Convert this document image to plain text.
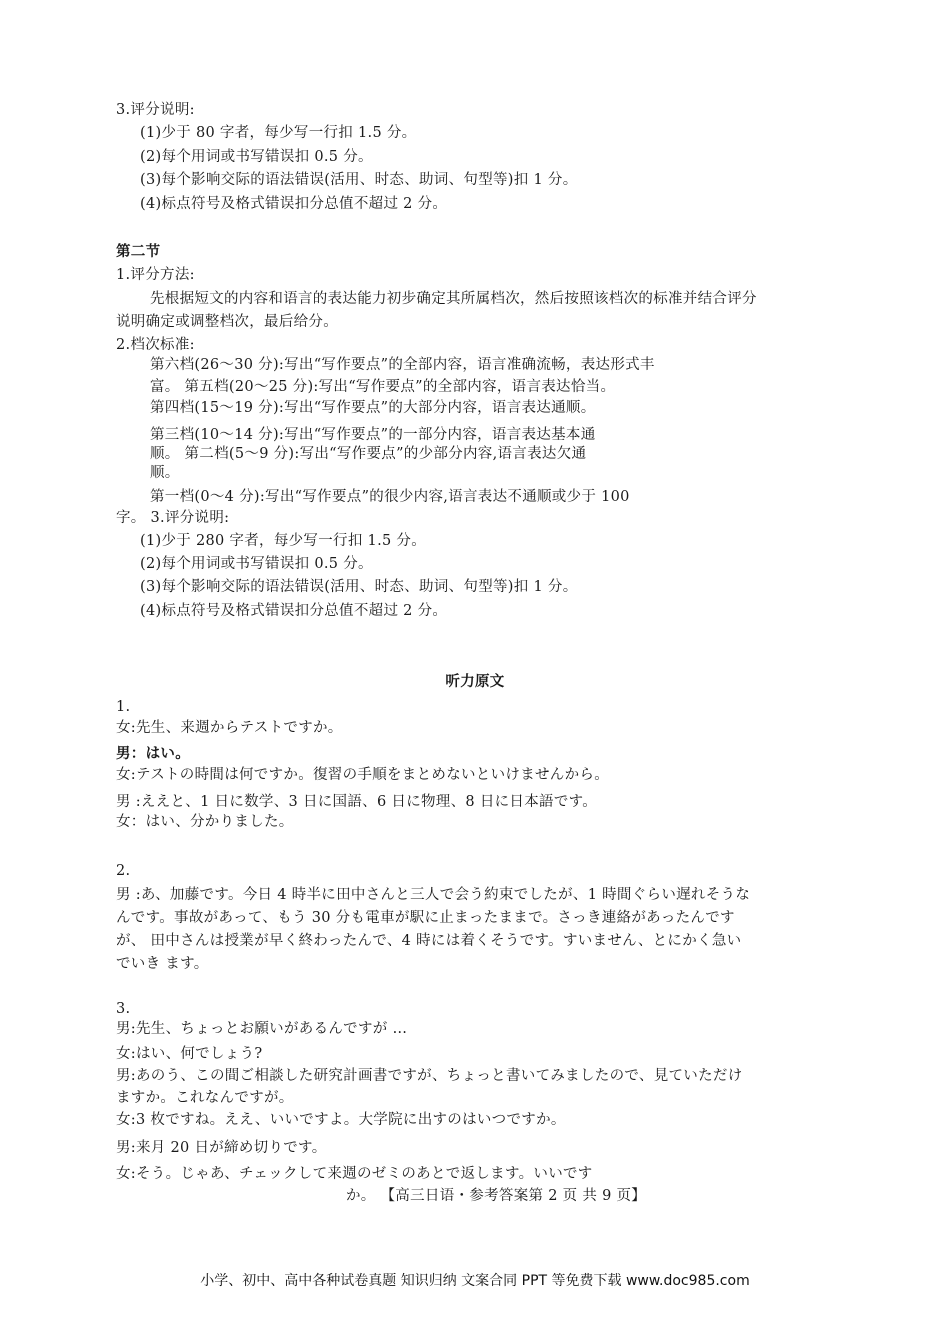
3.评分说明:
(1)少于 80 字者，每少写一行扣 1.5 分。
(2)每个用词或书写错误扣 0.5 分。
(3)每个影响交际的语法错误(活用、时态、助词、句型等)扣 1 分。
(4)标点符号及格式错误扣分总值不超过 2 分。
第二节
1.评分方法:
先根据短文的内容和语言的表达能力初步确定其所属档次，然后按照该档次的标准并结合评分
说明确定或调整档次，最后给分。
2.档次标准:
第六档(26～30 分):写出“写作要点”的全部内容，语言准确流畅，表达形式丰
富。 第五档(20～25 分):写出“写作要点”的全部内容，语言表达恰当。
第四档(15～19 分):写出“写作要点”的大部分内容，语言表达通顺。
第三档(10～14 分):写出“写作要点”的一部分内容，语言表达基本通
顺。 第二档(5～9 分):写出“写作要点”的少部分内容,语言表达欠通
顺。
第一档(0～4 分):写出“写作要点”的很少内容,语言表达不通顺或少于 100
字。 3.评分说明:
(1)少于 280 字者，每少写一行扣 1.5 分。
(2)每个用词或书写错误扣 0.5 分。
(3)每个影响交际的语法错误(活用、时态、助词、句型等)扣 1 分。
(4)标点符号及格式错误扣分总值不超过 2 分。
听力原文
1.
女:先生、来週からテストですか。
男：はい。
女:テストの時間は何ですか。復習の手順をまとめないといけませんから。
男 :ええと、1 日に数学、3 日に国語、6 日に物理、8 日に日本語です。
女：はい、分かりました。
2.
男 :あ、加藤です。今日 4 時半に田中さんと三人で会う約束でしたが、1 時間ぐらい遅れそうな
んです。事故があって、もう 30 分も電車が駅に止まったままで。さっき連絡があったんです
が、 田中さんは授業が早く終わったんで、4 時には着くそうです。すいません、とにかく急い
でいき ます。
3.
男:先生、ちょっとお願いがあるんですが …
女:はい、何でしょう?
男:あのう、この間ご相談した研究計画書ですが、ちょっと書いてみましたので、見ていただけ
ますか。これなんですが。
女:3 枚ですね。ええ、いいですよ。大学院に出すのはいつですか。
男:来月 20 日が締め切りです。
女:そう。じゃあ、チェックして来週のゼミのあとで返します。いいです
か。 【高三日语・参考答案第 2 页 共 9 页】
小学、初中、高中各种试卷真题 知识归纳 文案合同 PPT 等免费下载 www.doc985.com
